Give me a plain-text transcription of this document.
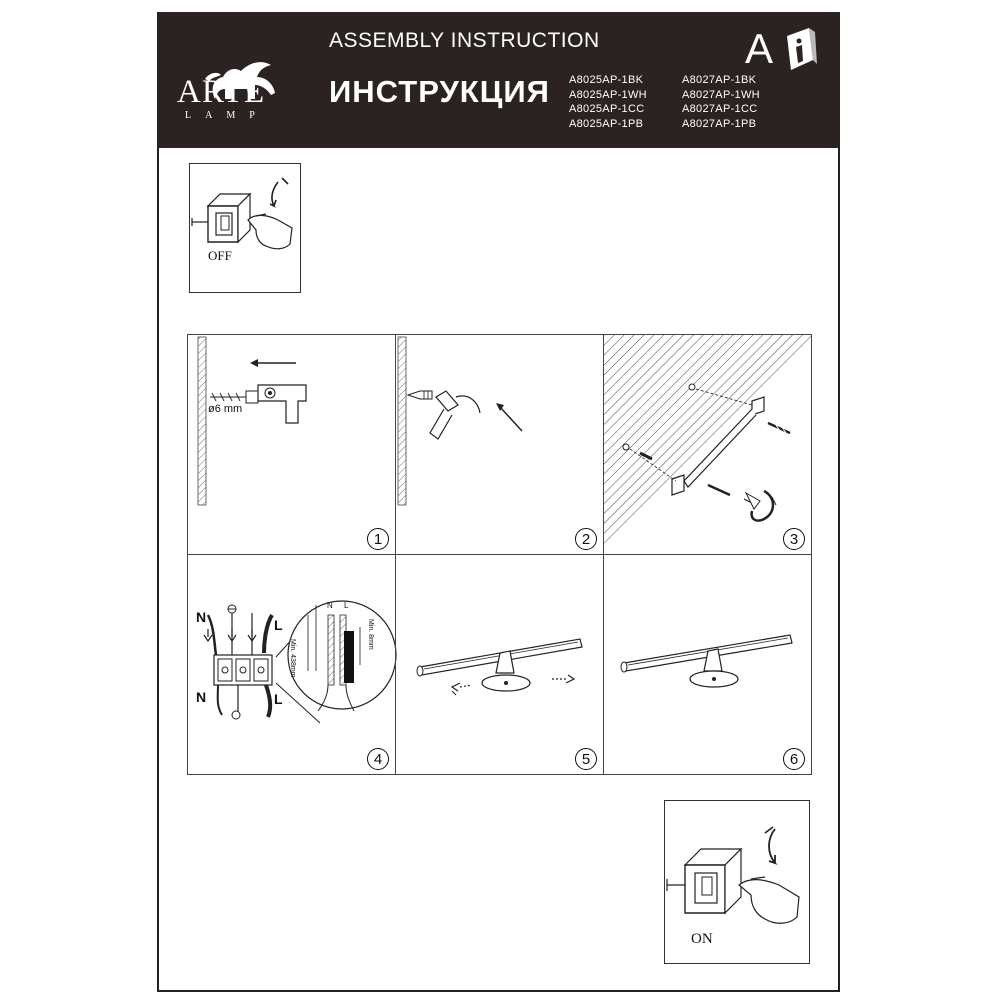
ARTE
LAMP
ASSEMBLY INSTRUCTION
ИНСТРУКЦИЯ
A
A8025AP-1BK
A8025AP-1WH
A8025AP-1CC
A8025AP-1PB
A8027AP-1BK
A8027AP-1WH
A8027AP-1CC
A8027AP-1PB
OFF
ø6 mm
1	2	3
N
N
L
L
N L
Min. 438mm
Min. 8mm
4	5	6
ON
